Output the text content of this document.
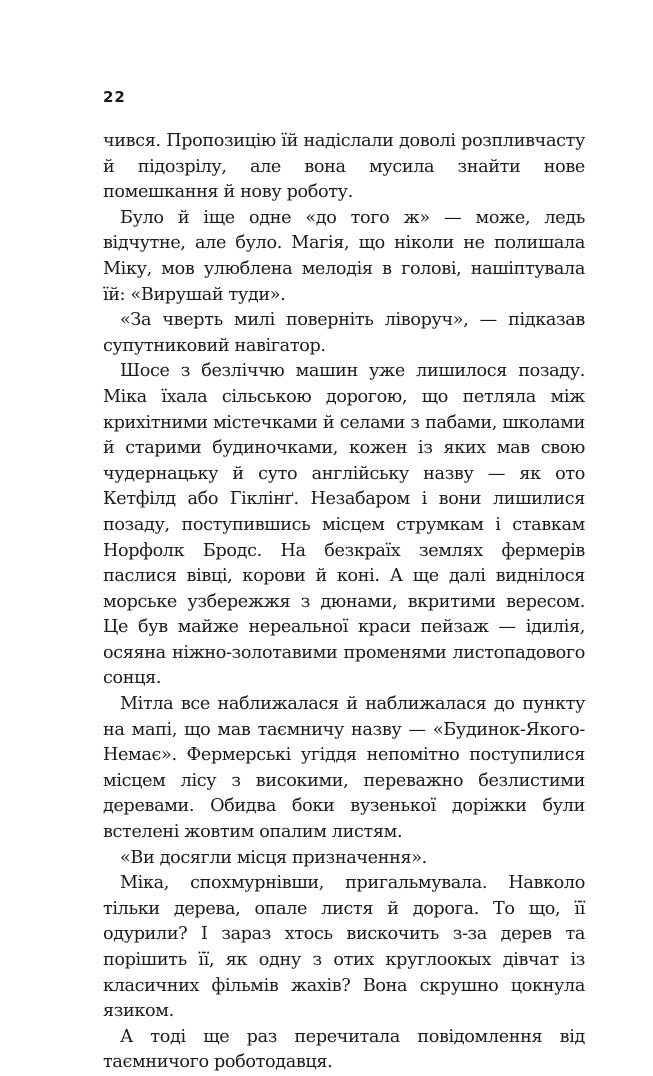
22

чився. Пропозицію їй надіслали доволі розпливчасту й підозрілу, але вона мусила знайти нове помешкання й нову роботу.

Було й іще одне «до того ж» — може, ледь відчутне, але було. Магія, що ніколи не полишала Міку, мов улюблена мелодія в голові, нашіптувала їй: «Вирушай туди».

«За чверть милі поверніть ліворуч», — підказав супутниковий навігатор.

Шосе з безліччю машин уже лишилося позаду. Міка їхала сільською дорогою, що петляла між крихітними містечками й селами з пабами, школами й старими будиночками, кожен із яких мав свою чудернацьку й суто англійську назву — як ото Кетфілд або Гіклінґ. Незабаром і вони лишилися позаду, поступившись місцем струмкам і ставкам Норфолк Бродс. На безкраїх землях фермерів паслися вівці, корови й коні. А ще далі виднілося морське узбережжя з дюнами, вкритими вересом. Це був майже нереальної краси пейзаж — ідилія, осяяна ніжно-золотавими променями листопадового сонця.

Мітла все наближалася й наближалася до пункту на мапі, що мав таємничу назву — «Будинок-Якого-Немає». Фермерські угіддя непомітно поступилися місцем лісу з високими, переважно безлистими деревами. Обидва боки вузенької доріжки були встелені жовтим опалим листям.

«Ви досягли місця призначення».

Міка, спохмурнівши, пригальмувала. Навколо тільки дерева, опале листя й дорога. То що, її одурили? І зараз хтось вискочить з-за дерев та порішить її, як одну з отих круглоокых дівчат із класичних фільмів жахів? Вона скрушно цокнула язиком.

А тоді ще раз перечитала повідомлення від таємничого роботодавця.
